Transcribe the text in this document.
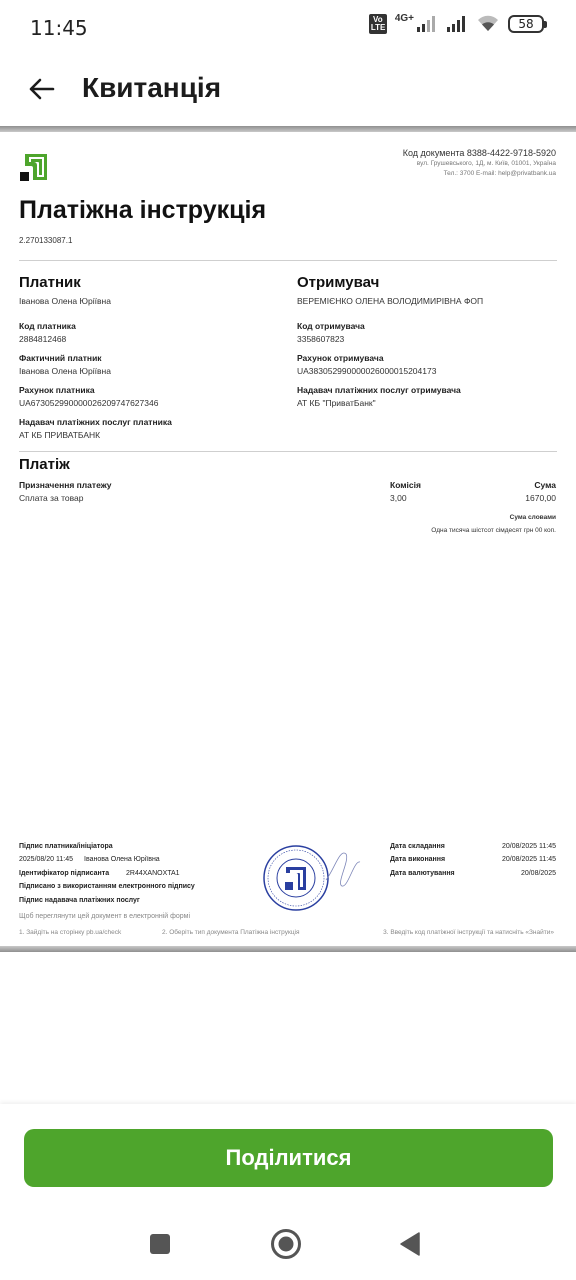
11:45	Vo LTE
4G+	58
Квитанція
Код документа 8388-4422-9718-5920
вул. Грушевського, 1Д, м. Київ, 01001, Україна
Тел.: 3700 E-mail: help@privatbank.ua
Платіжна інструкція
2.270133087.1
Платник
Іванова Олена Юріївна
Код платника
2884812468
Фактичний платник
Іванова Олена Юріївна
Рахунок платника
UA673052990000026209747627346
Надавач платіжних послуг платника
АТ КБ ПРИВАТБАНК
Отримувач
ВЕРЕМІЄНКО ОЛЕНА ВОЛОДИМИРІВНА ФОП
Код отримувача
3358607823
Рахунок отримувача
UA383052990000026000015204173
Надавач платіжних послуг отримувача
АТ КБ "ПриватБанк"
Платіж
Призначення платежу
Сплата за товар
Комісія
3,00
Сума
1670,00
Сума словами
Одна тисяча шістсот сімдесят грн 00 коп.
Підпис платника/ініціатора
2025/08/20 11:45 Іванова Олена Юріївна
Ідентифікатор підписанта 2R44XANOXTA1
Підписано з використанням електронного підпису
Підпис надавача платіжних послуг
Щоб переглянути цей документ в електронній формі
1. Зайдіть на сторінку pb.ua/check	2. Оберіть тип документа Платіжна інструкція	3. Введіть код платіжної інструкції та натисніть «Знайти»
Дата складання	20/08/2025 11:45
Дата виконання	20/08/2025 11:45
Дата валютування	20/08/2025
Поділитися
